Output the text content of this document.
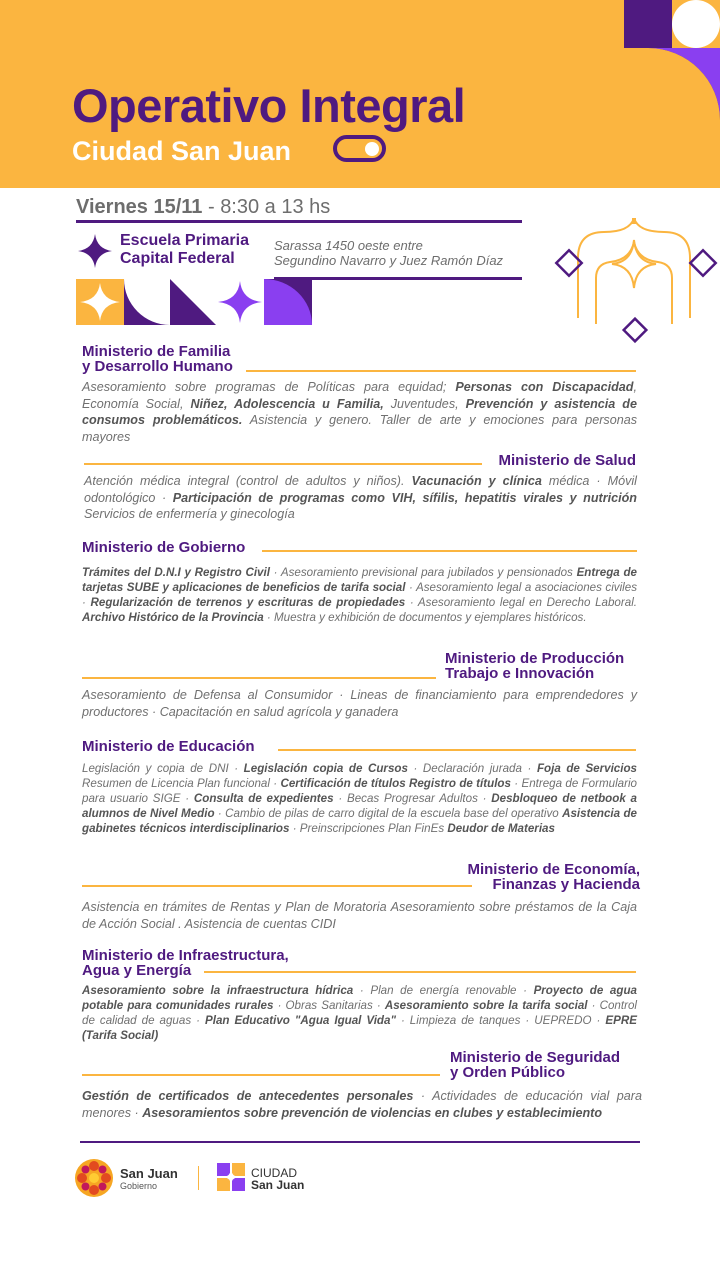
Operativo Integral
Ciudad San Juan
Viernes 15/11 - 8:30 a 13 hs
Escuela Primaria
Capital Federal
Sarassa 1450 oeste entre
Segundino Navarro y Juez Ramón Díaz
Ministerio de Familia
y Desarrollo Humano
Asesoramiento sobre programas de Políticas para equidad; Personas con Discapacidad, Economía Social, Niñez, Adolescencia u Familia, Juventudes, Prevención y asistencia de consumos problemáticos. Asistencia y genero. Taller de arte y emociones para personas mayores
Ministerio de Salud
Atención médica integral (control de adultos y niños). Vacunación y clínica médica · Móvil odontológico · Participación de programas como VIH, sífilis, hepatitis virales y nutrición Servicios de enfermería y ginecología
Ministerio de Gobierno
Trámites del D.N.I y Registro Civil · Asesoramiento previsional para jubilados y pensionados Entrega de tarjetas SUBE y aplicaciones de beneficios de tarifa social · Asesoramiento legal a asociaciones civiles · Regularización de terrenos y escrituras de propiedades · Asesoramiento legal en Derecho Laboral. Archivo Histórico de la Provincia · Muestra y exhibición de documentos y ejemplares históricos.
Ministerio de Producción
Trabajo e Innovación
Asesoramiento de Defensa al Consumidor · Lineas de financiamiento para emprendedores y productores · Capacitación en salud agrícola y ganadera
Ministerio de Educación
Legislación y copia de DNI · Legislación copia de Cursos · Declaración jurada · Foja de Servicios Resumen de Licencia Plan funcional · Certificación de títulos Registro de títulos · Entrega de Formulario para usuario SIGE · Consulta de expedientes · Becas Progresar Adultos · Desbloqueo de netbook a alumnos de Nivel Medio · Cambio de pilas de carro digital de la escuela base del operativo Asistencia de gabinetes técnicos interdisciplinarios · Preinscripciones Plan FinEs Deudor de Materias
Ministerio de Economía,
Finanzas y Hacienda
Asistencia en trámites de Rentas y Plan de Moratoria Asesoramiento sobre préstamos de la Caja de Acción Social . Asistencia de cuentas CIDI
Ministerio de Infraestructura,
Agua y Energía
Asesoramiento sobre la infraestructura hídrica · Plan de energía renovable · Proyecto de agua potable para comunidades rurales · Obras Sanitarias · Asesoramiento sobre la tarifa social · Control de calidad de aguas · Plan Educativo "Agua Igual Vida" · Limpieza de tanques · UEPREDO · EPRE (Tarifa Social)
Ministerio de Seguridad
y Orden Público
Gestión de certificados de antecedentes personales · Actividades de educación vial para menores · Asesoramientos sobre prevención de violencias en clubes y establecimiento
San Juan
Gobierno
CIUDAD
San Juan
